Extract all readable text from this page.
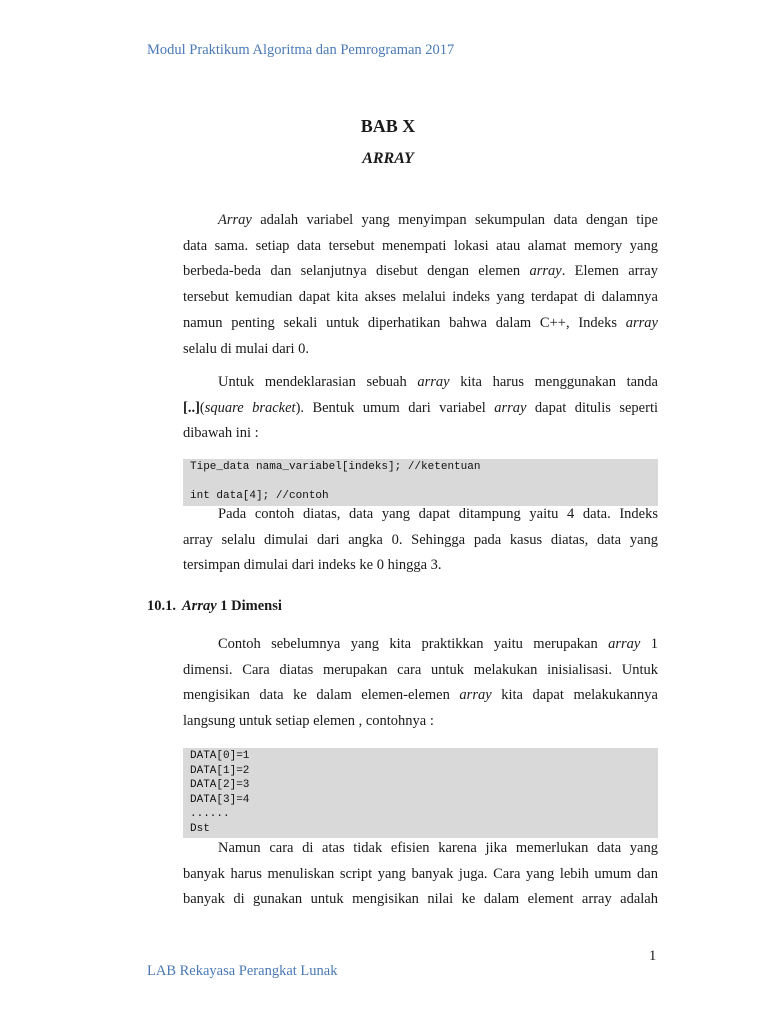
Modul Praktikum Algoritma dan Pemrograman 2017
BAB X
ARRAY
Array adalah variabel yang menyimpan sekumpulan data dengan tipe
data sama. setiap data tersebut menempati lokasi atau alamat memory yang
berbeda-beda dan selanjutnya disebut dengan elemen array. Elemen array
tersebut kemudian dapat kita akses melalui indeks yang terdapat di dalamnya
namun penting sekali untuk diperhatikan bahwa dalam C++, Indeks array
selalu di mulai dari 0.
Untuk mendeklarasian sebuah array kita harus menggunakan tanda
[..](square bracket). Bentuk umum dari variabel array dapat ditulis seperti
dibawah ini :
Tipe_data nama_variabel[indeks]; //ketentuan
int data[4]; //contoh
Pada contoh diatas, data yang dapat ditampung yaitu 4 data. Indeks
array selalu dimulai dari angka 0. Sehingga pada kasus diatas, data yang
tersimpan dimulai dari indeks ke 0 hingga 3.
10.1. Array 1 Dimensi
Contoh sebelumnya yang kita praktikkan yaitu merupakan array 1
dimensi. Cara diatas merupakan cara untuk melakukan inisialisasi. Untuk
mengisikan data ke dalam elemen-elemen array kita dapat melakukannya
langsung untuk setiap elemen , contohnya :
DATA[0]=1
DATA[1]=2
DATA[2]=3
DATA[3]=4
......
Dst
Namun cara di atas tidak efisien karena jika memerlukan data yang
banyak harus menuliskan script yang banyak juga. Cara yang lebih umum dan
banyak di gunakan untuk mengisikan nilai ke dalam element array adalah
1
LAB Rekayasa Perangkat Lunak
